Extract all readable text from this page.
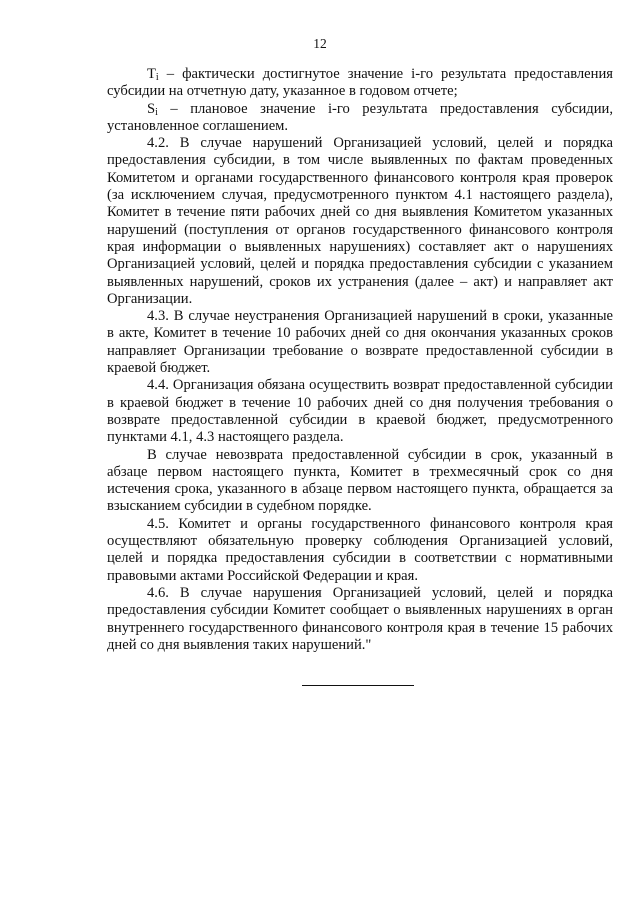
12

$T_i$ – фактически достигнутое значение i-го результата предоставления субсидии на отчетную дату, указанное в годовом отчете;

$S_i$ – плановое значение i-го результата предоставления субсидии, установленное соглашением.

4.2. В случае нарушений Организацией условий, целей и порядка предоставления субсидии, в том числе выявленных по фактам проведенных Комитетом и органами государственного финансового контроля края проверок (за исключением случая, предусмотренного пунктом 4.1 настоящего раздела), Комитет в течение пяти рабочих дней со дня выявления Комитетом указанных нарушений (поступления от органов государственного финансового контроля края информации о выявленных нарушениях) составляет акт о нарушениях Организацией условий, целей и порядка предоставления субсидии с указанием выявленных нарушений, сроков их устранения (далее – акт) и направляет акт Организации.

4.3. В случае неустранения Организацией нарушений в сроки, указанные в акте, Комитет в течение 10 рабочих дней со дня окончания указанных сроков направляет Организации требование о возврате предоставленной субсидии в краевой бюджет.

4.4. Организация обязана осуществить возврат предоставленной субсидии в краевой бюджет в течение 10 рабочих дней со дня получения требования о возврате предоставленной субсидии в краевой бюджет, предусмотренного пунктами 4.1, 4.3 настоящего раздела.

В случае невозврата предоставленной субсидии в срок, указанный в абзаце первом настоящего пункта, Комитет в трехмесячный срок со дня истечения срока, указанного в абзаце первом настоящего пункта, обращается за взысканием субсидии в судебном порядке.

4.5. Комитет и органы государственного финансового контроля края осуществляют обязательную проверку соблюдения Организацией условий, целей и порядка предоставления субсидии в соответствии с нормативными правовыми актами Российской Федерации и края.

4.6. В случае нарушения Организацией условий, целей и порядка предоставления субсидии Комитет сообщает о выявленных нарушениях в орган внутреннего государственного финансового контроля края в течение 15 рабочих дней со дня выявления таких нарушений."
